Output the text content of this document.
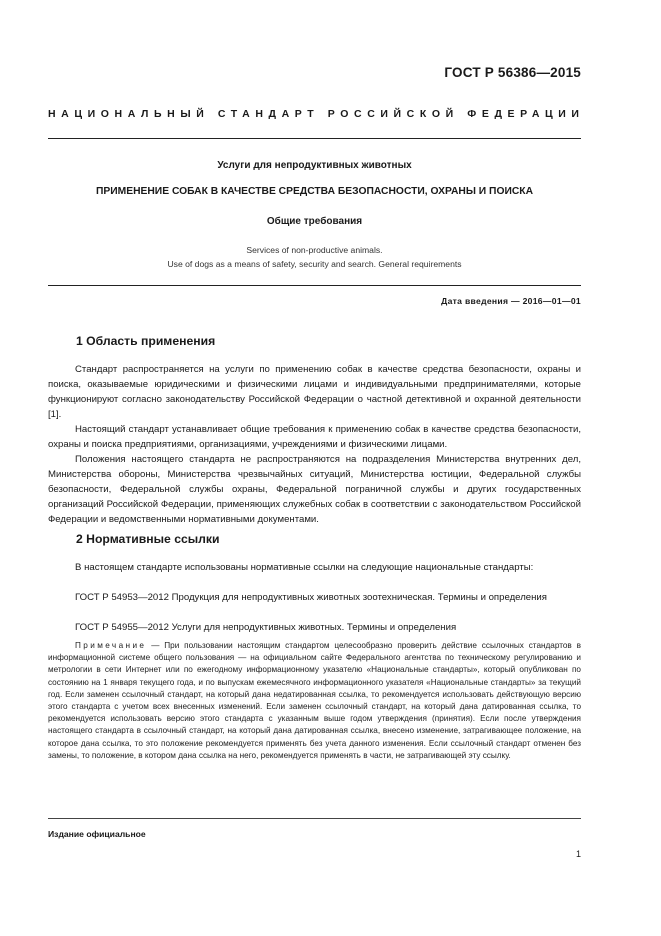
ГОСТ Р 56386—2015
НАЦИОНАЛЬНЫЙ СТАНДАРТ РОССИЙСКОЙ ФЕДЕРАЦИИ
Услуги для непродуктивных животных
ПРИМЕНЕНИЕ СОБАК В КАЧЕСТВЕ СРЕДСТВА БЕЗОПАСНОСТИ, ОХРАНЫ И ПОИСКА
Общие требования
Services of non-productive animals.
Use of dogs as a means of safety, security and search. General requirements
Дата введения — 2016—01—01
1 Область применения
Стандарт распространяется на услуги по применению собак в качестве средства безопасности, охраны и поиска, оказываемые юридическими и физическими лицами и индивидуальными предпринимателями, которые функционируют согласно законодательству Российской Федерации о частной детективной и охранной деятельности [1].
Настоящий стандарт устанавливает общие требования к применению собак в качестве средства безопасности, охраны и поиска предприятиями, организациями, учреждениями и физическими лицами.
Положения настоящего стандарта не распространяются на подразделения Министерства внутренних дел, Министерства обороны, Министерства чрезвычайных ситуаций, Министерства юстиции, Федеральной службы безопасности, Федеральной службы охраны, Федеральной пограничной службы и других государственных организаций Российской Федерации, применяющих служебных собак в соответствии с законодательством Российской Федерации и ведомственными нормативными документами.
2 Нормативные ссылки
В настоящем стандарте использованы нормативные ссылки на следующие национальные стандарты:
ГОСТ Р 54953—2012 Продукция для непродуктивных животных зоотехническая. Термины и определения
ГОСТ Р 54955—2012 Услуги для непродуктивных животных. Термины и определения
Примечание — При пользовании настоящим стандартом целесообразно проверить действие ссылочных стандартов в информационной системе общего пользования — на официальном сайте Федерального агентства по техническому регулированию и метрологии в сети Интернет или по ежегодному информационному указателю «Национальные стандарты», который опубликован по состоянию на 1 января текущего года, и по выпускам ежемесячного информационного указателя «Национальные стандарты» за текущий год. Если заменен ссылочный стандарт, на который дана недатированная ссылка, то рекомендуется использовать действующую версию этого стандарта с учетом всех внесенных изменений. Если заменен ссылочный стандарт, на который дана датированная ссылка, то рекомендуется использовать версию этого стандарта с указанным выше годом утверждения (принятия). Если после утверждения настоящего стандарта в ссылочный стандарт, на который дана датированная ссылка, внесено изменение, затрагивающее положение, на которое дана ссылка, то это положение рекомендуется применять без учета данного изменения. Если ссылочный стандарт отменен без замены, то положение, в котором дана ссылка на него, рекомендуется применять в части, не затрагивающей эту ссылку.
Издание официальное
1
